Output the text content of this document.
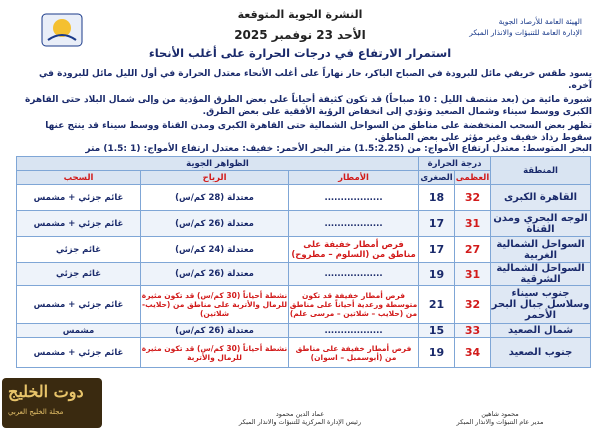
النشرة الجوية المتوقعة
الأحد 23 نوفمبر 2025
الهيئة العامة للأرصاد الجوية
الإدارة العامة للتنبؤات والانذار المبكر
استمرار الارتفاع في درجات الحرارة على أغلب الأنحاء
يسود طقس خريفي مائل للبرودة في الصباح الباكر، حار نهاراً على أغلب الأنحاء معتدل الحرارة في أول الليل مائل للبرودة في آخره.
شبورة مائية من (بعد منتصف الليل : 10 صباحاً) قد تكون كثيفة أحياناً على بعض الطرق المؤدية من وإلى شمال البلاد حتى القاهرة الكبرى ووسط سيناء وشمال الصعيد وتؤدي إلى انخفاض الرؤية الأفقية على بعض الطرق.
تظهر بعض السحب المنخفضة على مناطق من السواحل الشمالية حتى القاهرة الكبرى ومدن القناة ووسط سيناء قد ينتج عنها سقوط رذاذ خفيف وغير مؤثر على بعض المناطق.
البحر المتوسط: معتدل ارتفاع الأمواج: من (1.5:2.25) متر البحر الأحمر: خفيف: معتدل ارتفاع الأمواج: (1 :1.5) متر
المنطقة	درجة الحرارة		الظواهر الجوية		
	العظمى	الصغرى	الأمطار	الرياح	السحب
القاهرة الكبرى	32	18	..................	معتدلة (28 كم/س)	غائم جزئي + مشمس
الوجه البحري ومدن القناة	31	17	..................	معتدلة (26 كم/س)	غائم جزئي + مشمس
السواحل الشمالية الغربية	27	17	فرص أمطار خفيفة على مناطق من (السلوم – مطروح)	معتدلة (24 كم/س)	غائم جزئي
السواحل الشمالية الشرقية	31	19	..................	معتدلة (26 كم/س)	غائم جزئي
جنوب سيناء وسلاسل جبال البحر الأحمر	32	21	فرص أمطار خفيفة قد تكون متوسطة ورعدية أحياناً على مناطق من (حلايب – شلاتين – مرسى علم)	نشطة أحياناً (30 كم/س) قد تكون مثيرة للرمال والأتربة على مناطق من (حلايب-شلاتين)	غائم جزئي + مشمس
شمال الصعيد	33	15	..................	معتدلة (26 كم/س)	مشمس
جنوب الصعيد	34	19	فرص أمطار خفيفة على مناطق من (أبوسمبل – اسوان)	نشطة أحياناً (30 كم/س) قد تكون مثيرة للرمال والأتربة	غائم جزئي + مشمس
محمود شاهين
مدير عام التنبؤات والانذار المبكر
عماد الدين محمود
رئيس الإدارة المركزية للتنبؤات والانذار المبكر
دوت الخليج
مجلة الخليج العربي
